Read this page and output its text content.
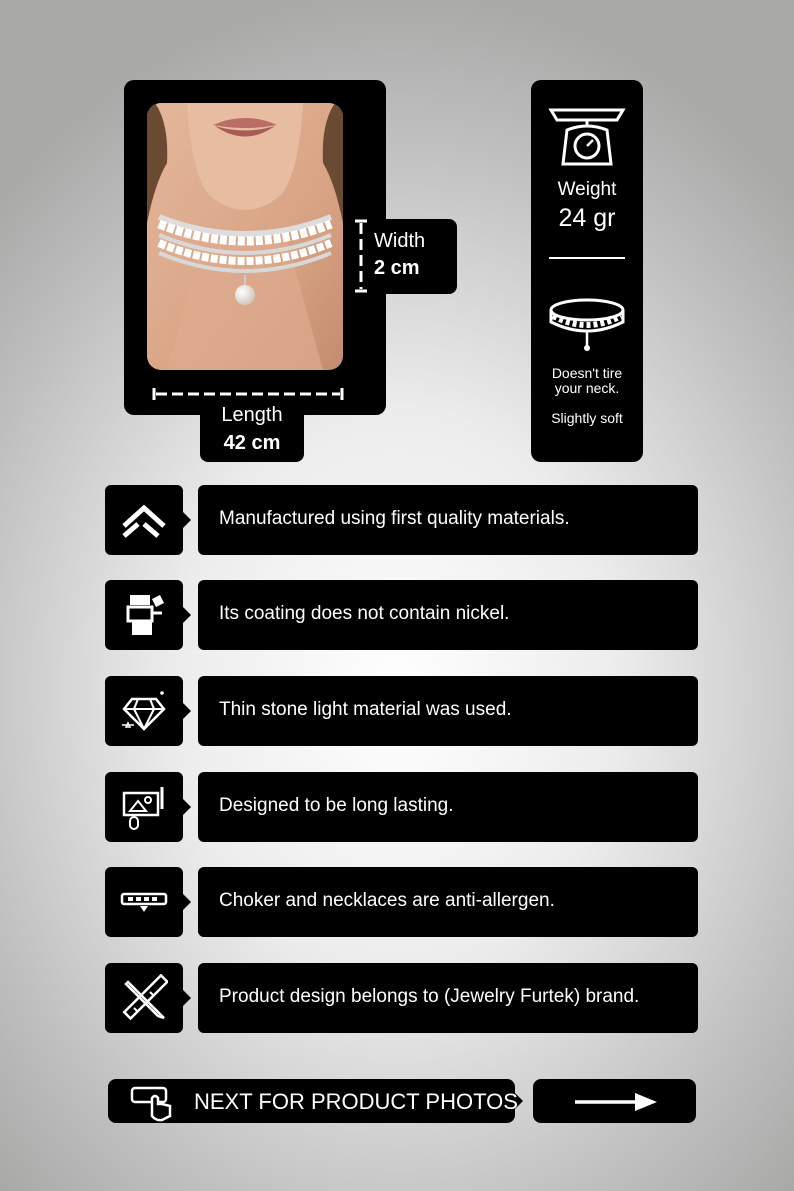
Length
42 cm
Width
2 cm
Weight
24 gr
Doesn't tire
your neck.
Slightly soft
Manufactured using first quality materials.
Its coating does not contain nickel.
Thin stone light material was used.
Designed to be long lasting.
Choker and necklaces are anti-allergen.
Product design belongs to (Jewelry Furtek) brand.
NEXT FOR PRODUCT PHOTOS
